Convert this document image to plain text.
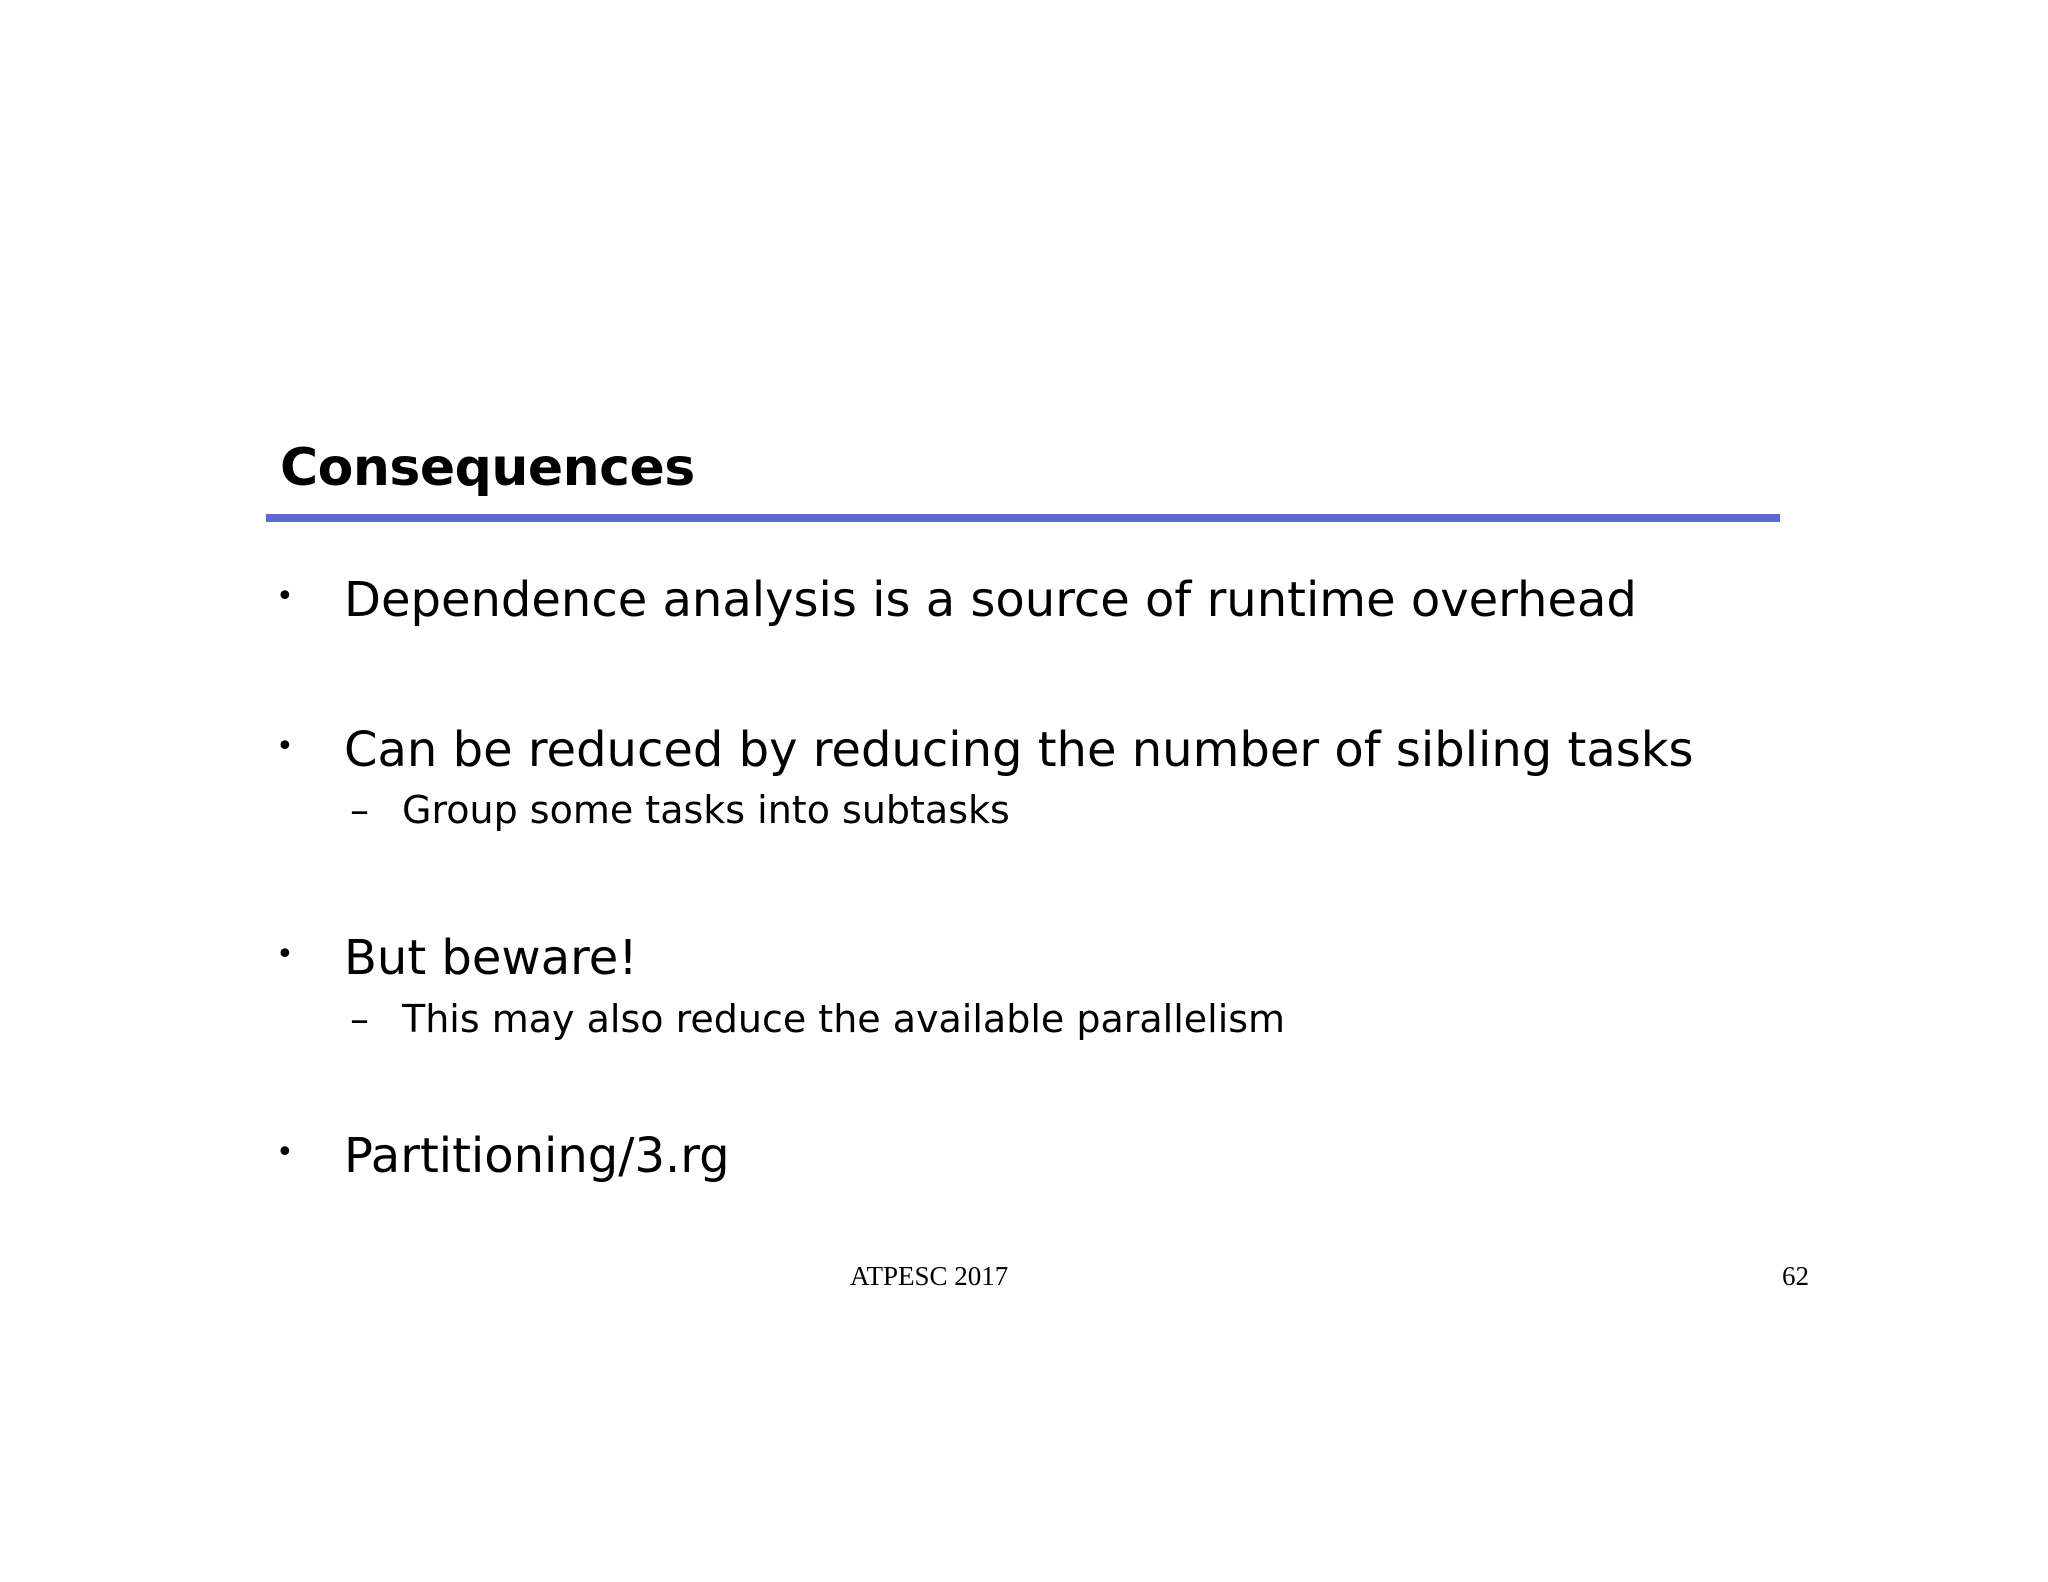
Consequences
• Dependence analysis is a source of runtime overhead
• Can be reduced by reducing the number of sibling tasks
– Group some tasks into subtasks
• But beware!
– This may also reduce the available parallelism
• Partitioning/3.rg
ATPESC 2017	62
